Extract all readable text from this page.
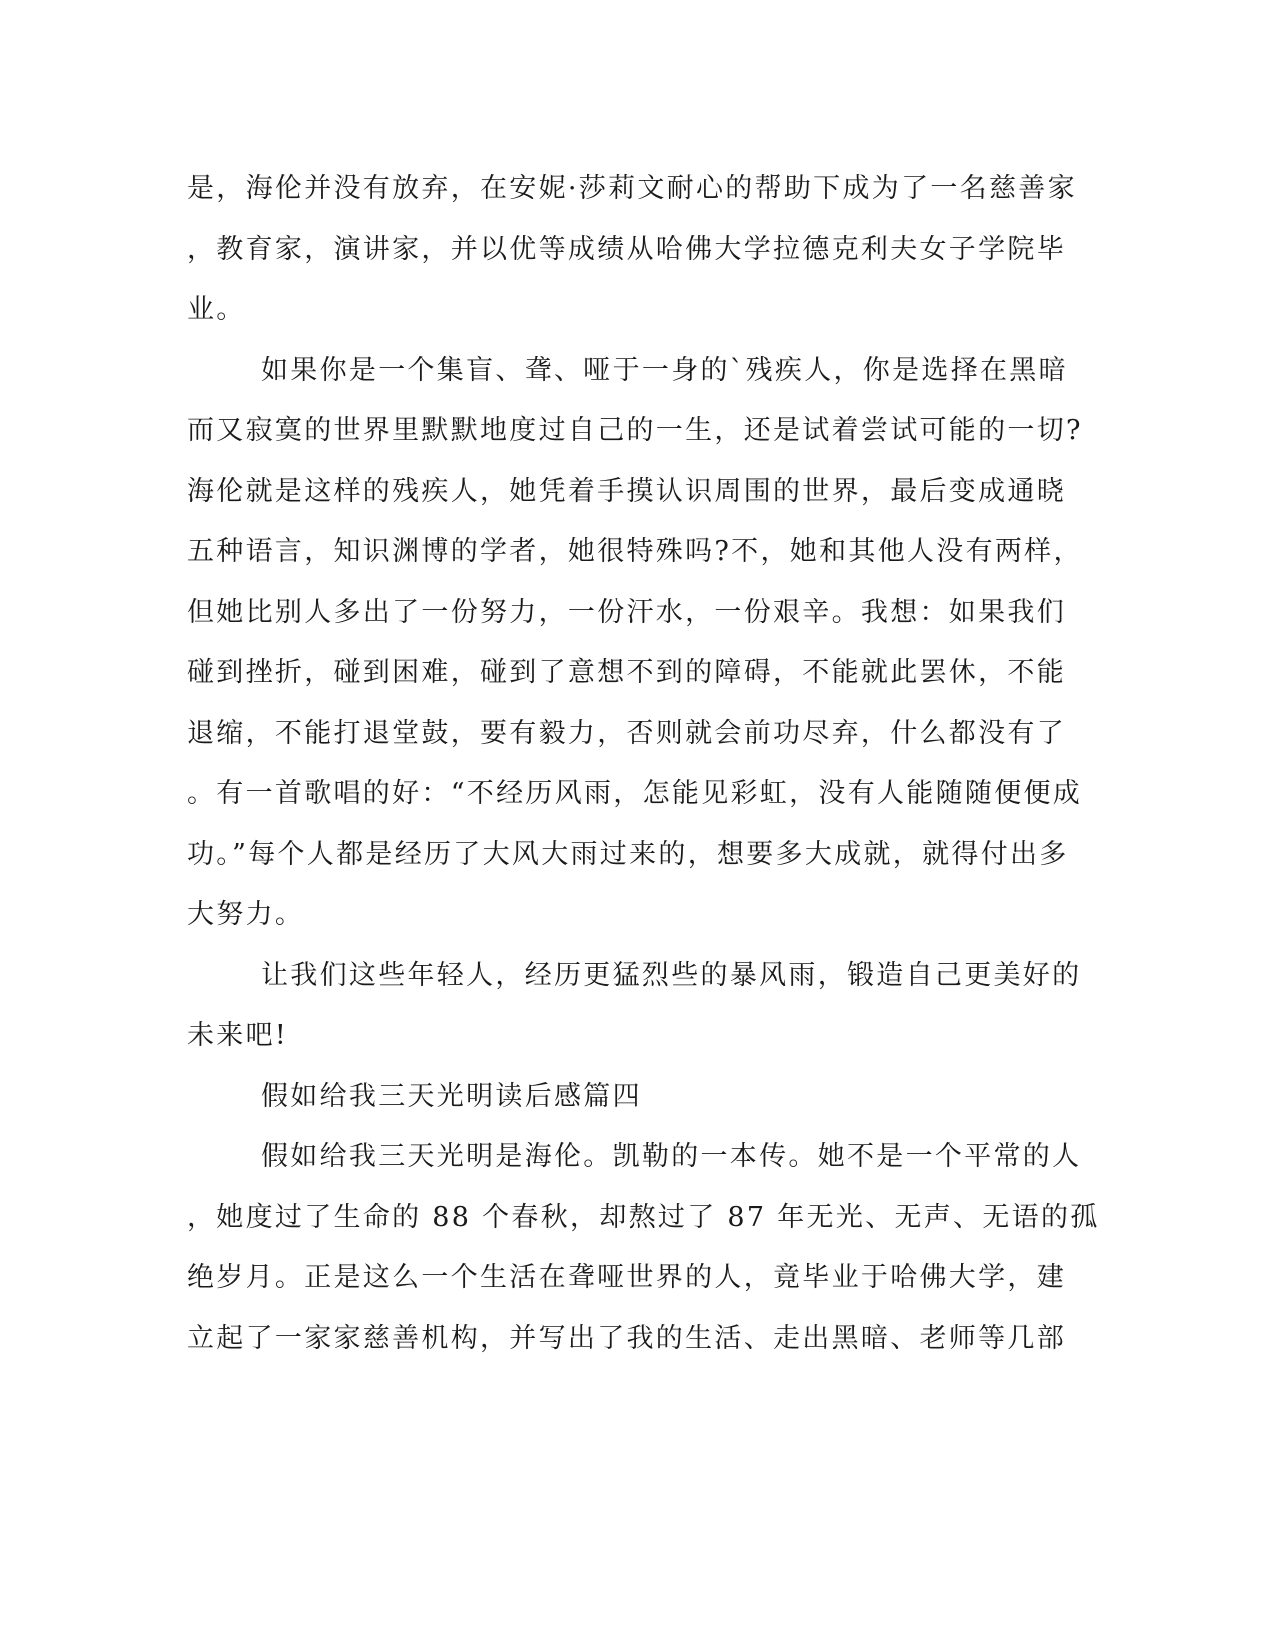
是，海伦并没有放弃，在安妮·莎莉文耐心的帮助下成为了一名慈善家
，教育家，演讲家，并以优等成绩从哈佛大学拉德克利夫女子学院毕
业。
如果你是一个集盲、聋、哑于一身的`残疾人，你是选择在黑暗
而又寂寞的世界里默默地度过自己的一生，还是试着尝试可能的一切?
海伦就是这样的残疾人，她凭着手摸认识周围的世界，最后变成通晓
五种语言，知识渊博的学者，她很特殊吗?不，她和其他人没有两样，
但她比别人多出了一份努力，一份汗水，一份艰辛。我想：如果我们
碰到挫折，碰到困难，碰到了意想不到的障碍，不能就此罢休，不能
退缩，不能打退堂鼓，要有毅力，否则就会前功尽弃，什么都没有了
。有一首歌唱的好：“不经历风雨，怎能见彩虹，没有人能随随便便成
功。”每个人都是经历了大风大雨过来的，想要多大成就，就得付出多
大努力。
让我们这些年轻人，经历更猛烈些的暴风雨，锻造自己更美好的
未来吧!
假如给我三天光明读后感篇四
假如给我三天光明是海伦。凯勒的一本传。她不是一个平常的人
，她度过了生命的 88 个春秋，却熬过了 87 年无光、无声、无语的孤
绝岁月。正是这么一个生活在聋哑世界的人，竟毕业于哈佛大学，建
立起了一家家慈善机构，并写出了我的生活、走出黑暗、老师等几部
